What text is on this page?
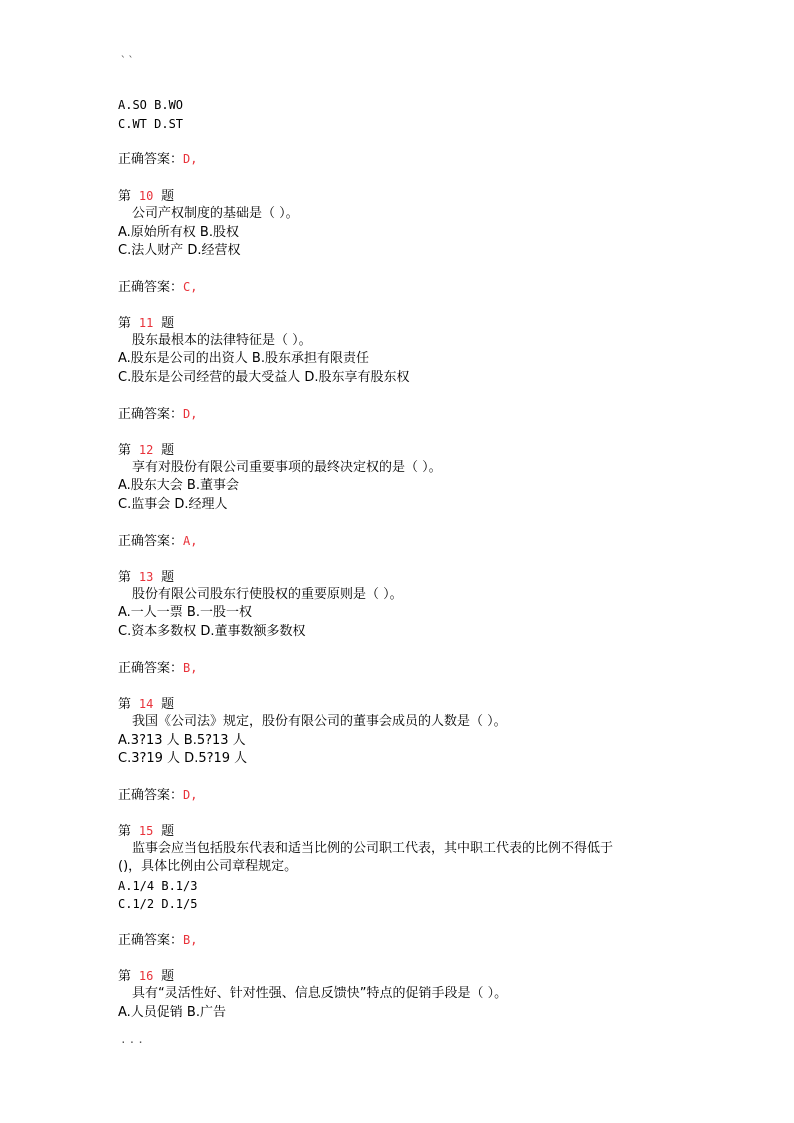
``
A.SO B.WO
C.WT D.ST
正确答案：D,
第 10 题
公司产权制度的基础是（ ）。
A.原始所有权 B.股权
C.法人财产 D.经营权
正确答案：C,
第 11 题
股东最根本的法律特征是（ ）。
A.股东是公司的出资人 B.股东承担有限责任
C.股东是公司经营的最大受益人 D.股东享有股东权
正确答案：D,
第 12 题
享有对股份有限公司重要事项的最终决定权的是（ ）。
A.股东大会 B.董事会
C.监事会 D.经理人
正确答案：A,
第 13 题
股份有限公司股东行使股权的重要原则是（ ）。
A.一人一票 B.一股一权
C.资本多数权 D.董事数额多数权
正确答案：B,
第 14 题
我国《公司法》规定，股份有限公司的董事会成员的人数是（ ）。
A.3?13 人 B.5?13 人
C.3?19 人 D.5?19 人
正确答案：D,
第 15 题
监事会应当包括股东代表和适当比例的公司职工代表，其中职工代表的比例不得低于
()，具体比例由公司章程规定。
A.1/4 B.1/3
C.1/2 D.1/5
正确答案：B,
第 16 题
具有“灵活性好、针对性强、信息反馈快”特点的促销手段是（ ）。
A.人员促销 B.广告
...
